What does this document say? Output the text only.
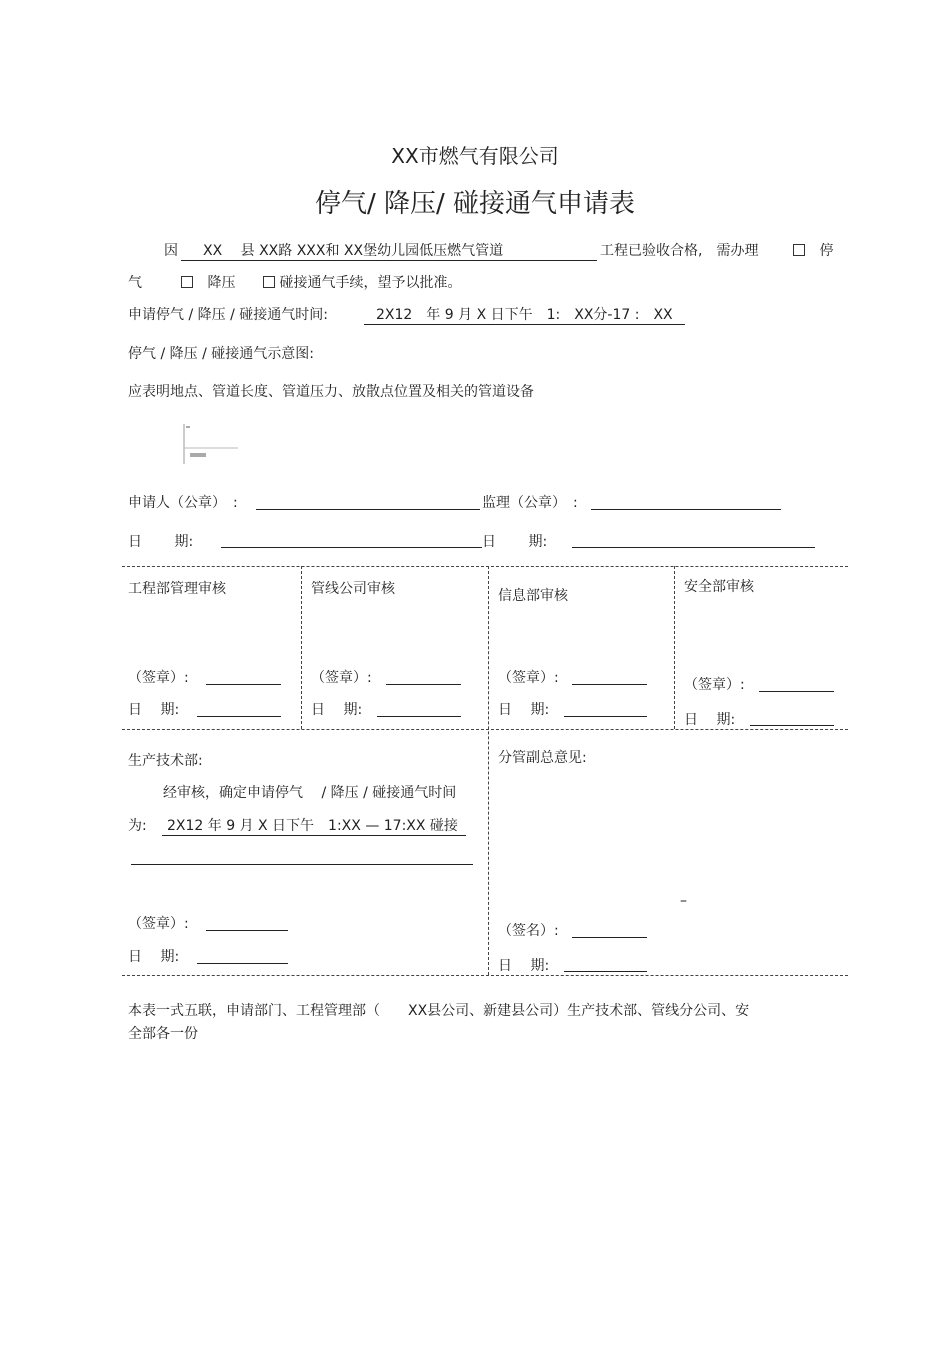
XX市燃气有限公司
停气/ 降压/ 碰接通气申请表
因	XX　 县 XX路 XXX和 XX堡幼儿园低压燃气管道	工程已验收合格,　需办理	停
气	降压	碰接通气手续，望予以批准。
申请停气 / 降压 / 碰接通气时间:	2X12　年 9 月 X 日下午　1:　XX分-17 :　XX
停气 / 降压 / 碰接通气示意图:
应表明地点、管道长度、管道压力、放散点位置及相关的管道设备
申请人（公章）　:	监理（公章）　:
日　　 期:	日　　 期:
工程部管理审核
（签章）:
日　 期:
管线公司审核
（签章）:
日　 期:
信息部审核
（签章）:
日　 期:
安全部审核
（签章）:
日　 期:
生产技术部:
经审核，确定申请停气　 / 降压 / 碰接通气时间
为:	2X12 年 9 月 X 日下午　1:XX — 17:XX 碰接
（签章）:
日　 期:
分管副总意见:
–
（签名）:
日　 期:
本表一式五联，申请部门、工程管理部（　　XX县公司、新建县公司）生产技术部、管线分公司、安
全部各一份
